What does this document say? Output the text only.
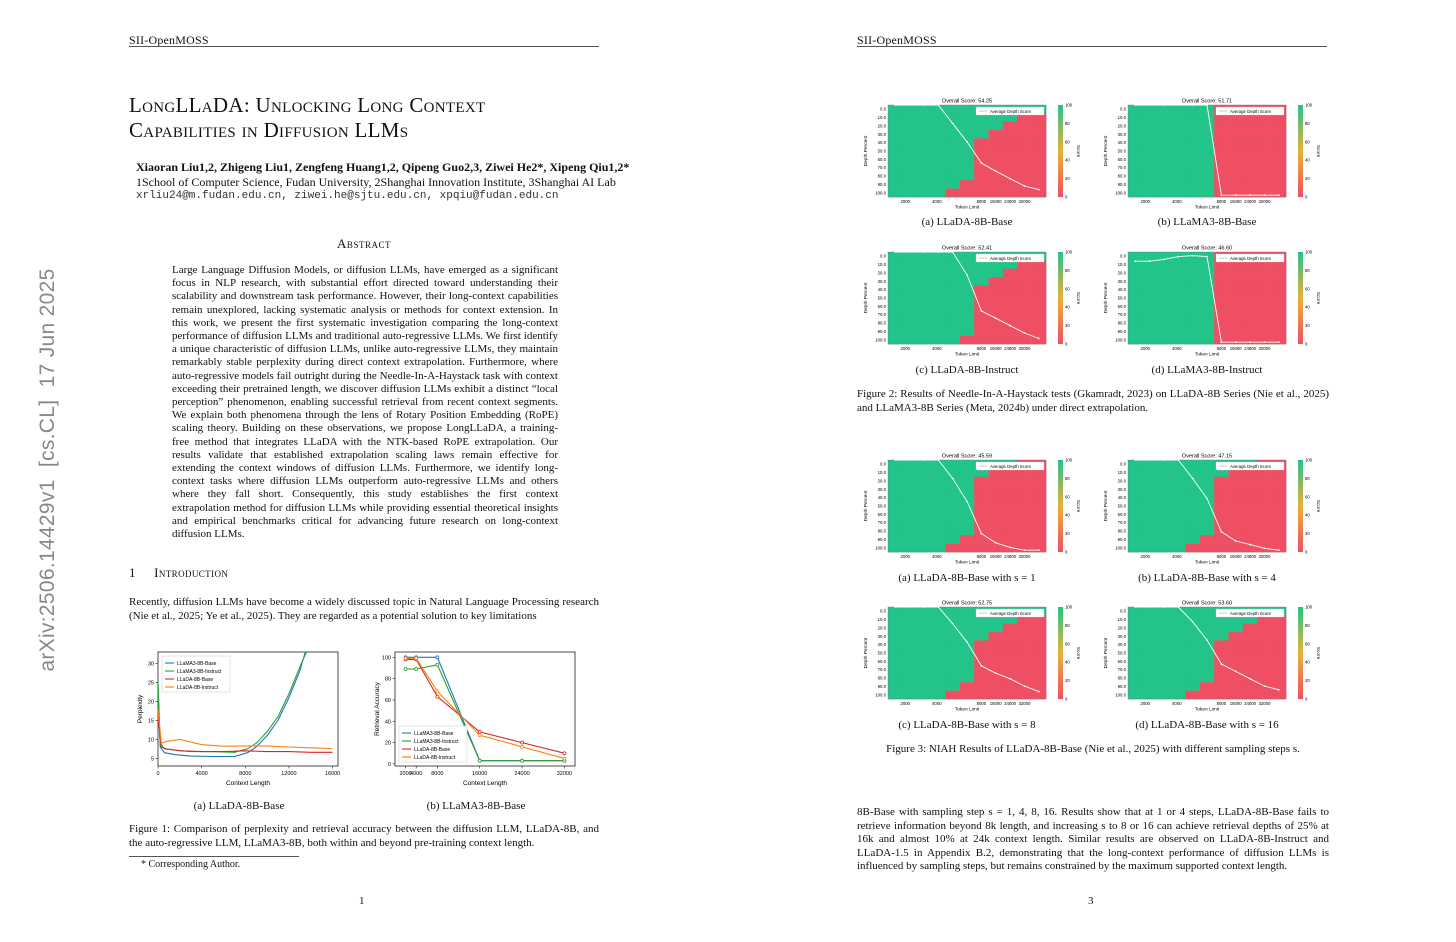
SII-OpenMOSS	SII-OpenMOSS
arXiv:2506.14429v1  [cs.CL]  17 Jun 2025
LongLLaDA: Unlocking Long Context
Capabilities in Diffusion LLMs
Xiaoran Liu1,2, Zhigeng Liu1, Zengfeng Huang1,2, Qipeng Guo2,3, Ziwei He2*, Xipeng Qiu1,2*
1School of Computer Science, Fudan University, 2Shanghai Innovation Institute, 3Shanghai AI Lab
xrliu24@m.fudan.edu.cn, ziwei.he@sjtu.edu.cn, xpqiu@fudan.edu.cn
Abstract
Large Language Diffusion Models, or diffusion LLMs, have emerged as a significant focus in NLP research, with substantial effort directed toward understanding their scalability and downstream task performance. However, their long-context capabilities remain unexplored, lacking systematic analysis or methods for context extension. In this work, we present the first systematic investigation comparing the long-context performance of diffusion LLMs and traditional auto-regressive LLMs. We first identify a unique characteristic of diffusion LLMs, unlike auto-regressive LLMs, they maintain remarkably stable perplexity during direct context extrapolation. Furthermore, where auto-regressive models fail outright during the Needle-In-A-Haystack task with context exceeding their pretrained length, we discover diffusion LLMs exhibit a distinct “local perception” phenomenon, enabling successful retrieval from recent context segments. We explain both phenomena through the lens of Rotary Position Embedding (RoPE) scaling theory. Building on these observations, we propose LongLLaDA, a training-free method that integrates LLaDA with the NTK-based RoPE extrapolation. Our results validate that established extrapolation scaling laws remain effective for extending the context windows of diffusion LLMs. Furthermore, we identify long-context tasks where diffusion LLMs outperform auto-regressive LLMs and others where they fall short. Consequently, this study establishes the first context extrapolation method for diffusion LLMs while providing essential theoretical insights and empirical benchmarks critical for advancing future research on long-context diffusion LLMs.
1 Introduction
Recently, diffusion LLMs have become a widely discussed topic in Natural Language Processing research (Nie et al., 2025; Ye et al., 2025). They are regarded as a potential solution to key limitations
0	4000	8000	12000	16000
5
10
15
20
25
30
Context Length
Perplexity
LLaMA3-8B-Base
LLaMA3-8B-Instruct
LLaDA-8B-Base
LLaDA-8B-Instruct
2000
4000 8000	16000	24000	32000
0
20
40
60
80
100
Context Length
Retrieval Accuracy	LLaMA3-8B-Base
LLaMA3-8B-Instruct
LLaDA-8B-Base
LLaDA-8B-Instruct
(a) LLaDA-8B-Base	(b) LLaMA3-8B-Base
Figure 1: Comparison of perplexity and retrieval accuracy between the diffusion LLM, LLaDA-8B, and the auto-regressive LLM, LLaMA3-8B, both within and beyond pre-training context length.
* Corresponding Author.
1
Overall Score: 54.25
Average Depth Score
0.0
10.0
20.0
30.0
40.0
50.0
60.0
70.0
80.0
90.0
100.0
2000	4000	8000 16000 24000 32000
Token Limit
Depth Percent
100
80
60
40
20
0
Score
Overall Score: 51.71
Average Depth Score
0.0
10.0
20.0
30.0
40.0
50.0
60.0
70.0
80.0
90.0
100.0
2000	4000	8000 16000 24000 32000
Token Limit
Depth Percent
100
80
60
40
20
0
Score
(a) LLaDA-8B-Base	(b) LLaMA3-8B-Base
Overall Score: 52.41
Average Depth Score
0.0
10.0
20.0
30.0
40.0
50.0
60.0
70.0
80.0
90.0
100.0
2000	4000	8000 16000 24000 32000
Token Limit
Depth Percent
100
80
60
40
20
0
Score
Overall Score: 46.60
Average Depth Score
0.0
10.0
20.0
30.0
40.0
50.0
60.0
70.0
80.0
90.0
100.0
2000	4000	8000 16000 24000 32000
Token Limit
Depth Percent
100
80
60
40
20
0
Score
(c) LLaDA-8B-Instruct	(d) LLaMA3-8B-Instruct
Figure 2: Results of Needle-In-A-Haystack tests (Gkamradt, 2023) on LLaDA-8B Series (Nie et al., 2025) and LLaMA3-8B Series (Meta, 2024b) under direct extrapolation.
Overall Score: 45.59
Average Depth Score
0.0
10.0
20.0
30.0
40.0
50.0
60.0
70.0
80.0
90.0
100.0
2000	4000	8000 16000 24000 32000
Token Limit
Depth Percent
100
80
60
40
20
0
Score
Overall Score: 47.15
Average Depth Score
0.0
10.0
20.0
30.0
40.0
50.0
60.0
70.0
80.0
90.0
100.0
2000	4000	8000 16000 24000 32000
Token Limit
Depth Percent
100
80
60
40
20
0
Score
(a) LLaDA-8B-Base with s = 1	(b) LLaDA-8B-Base with s = 4
Overall Score: 52.75
Average Depth Score
0.0
10.0
20.0
30.0
40.0
50.0
60.0
70.0
80.0
90.0
100.0
2000	4000	8000 16000 24000 32000
Token Limit
Depth Percent
100
80
60
40
20
0
Score
Overall Score: 53.60
Average Depth Score
0.0
10.0
20.0
30.0
40.0
50.0
60.0
70.0
80.0
90.0
100.0
2000	4000	8000 16000 24000 32000
Token Limit
Depth Percent
100
80
60
40
20
0
Score
(c) LLaDA-8B-Base with s = 8	(d) LLaDA-8B-Base with s = 16
Figure 3: NIAH Results of LLaDA-8B-Base (Nie et al., 2025) with different sampling steps s.
8B-Base with sampling step s = 1, 4, 8, 16. Results show that at 1 or 4 steps, LLaDA-8B-Base fails to retrieve information beyond 8k length, and increasing s to 8 or 16 can achieve retrieval depths of 25% at 16k and almost 10% at 24k context length. Similar results are observed on LLaDA-8B-Instruct and LLaDA-1.5 in Appendix B.2, demonstrating that the long-context performance of diffusion LLMs is influenced by sampling steps, but remains constrained by the maximum supported context length.
3
